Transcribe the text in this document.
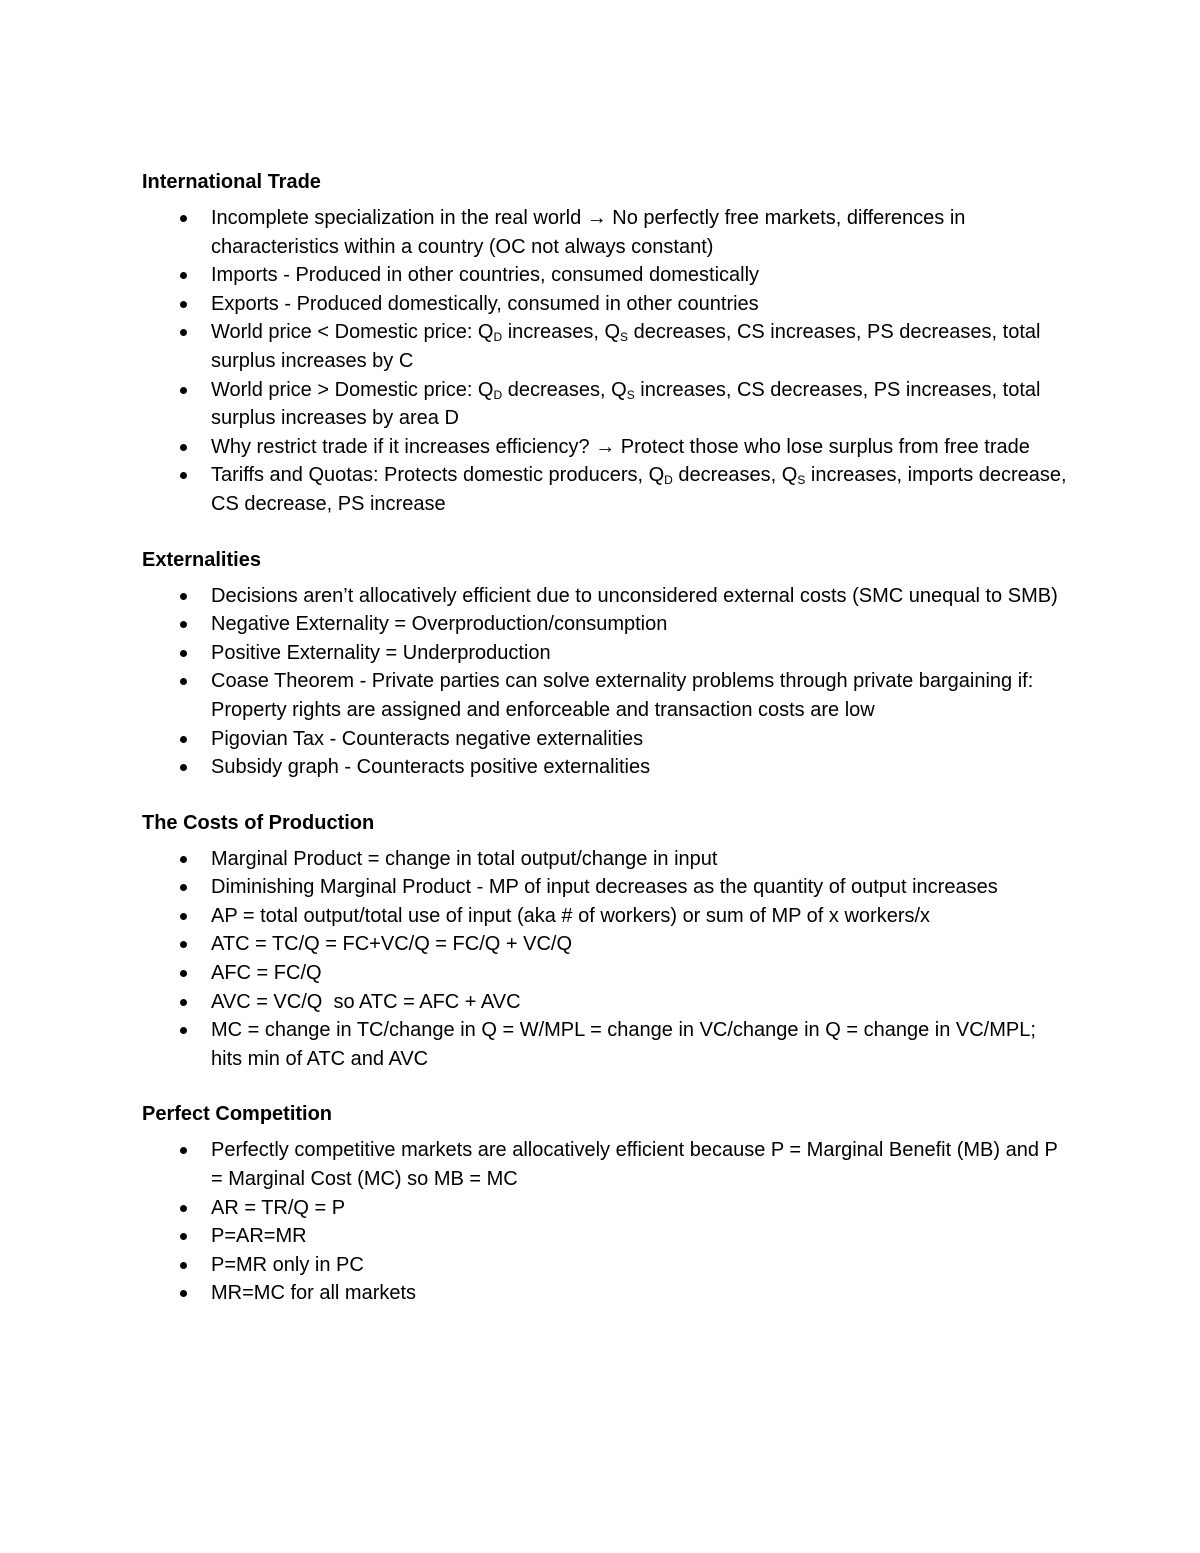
International Trade
Incomplete specialization in the real world → No perfectly free markets, differences in characteristics within a country (OC not always constant)
Imports - Produced in other countries, consumed domestically
Exports - Produced domestically, consumed in other countries
World price < Domestic price: $Q_D$ increases, $Q_S$ decreases, CS increases, PS decreases, total surplus increases by C
World price > Domestic price: $Q_D$ decreases, $Q_S$ increases, CS decreases, PS increases, total surplus increases by area D
Why restrict trade if it increases efficiency? → Protect those who lose surplus from free trade
Tariffs and Quotas: Protects domestic producers, $Q_D$ decreases, $Q_S$ increases, imports decrease, CS decrease, PS increase
Externalities
Decisions aren’t allocatively efficient due to unconsidered external costs (SMC unequal to SMB)
Negative Externality = Overproduction/consumption
Positive Externality = Underproduction
Coase Theorem - Private parties can solve externality problems through private bargaining if: Property rights are assigned and enforceable and transaction costs are low
Pigovian Tax - Counteracts negative externalities
Subsidy graph - Counteracts positive externalities
The Costs of Production
Marginal Product = change in total output/change in input
Diminishing Marginal Product - MP of input decreases as the quantity of output increases
AP = total output/total use of input (aka # of workers) or sum of MP of x workers/x
ATC = TC/Q = FC+VC/Q = FC/Q + VC/Q
AFC = FC/Q
AVC = VC/Q  so ATC = AFC + AVC
MC = change in TC/change in Q = W/MPL = change in VC/change in Q = change in VC/MPL; hits min of ATC and AVC
Perfect Competition
Perfectly competitive markets are allocatively efficient because P = Marginal Benefit (MB) and P = Marginal Cost (MC) so MB = MC
AR = TR/Q = P
P=AR=MR
P=MR only in PC
MR=MC for all markets
